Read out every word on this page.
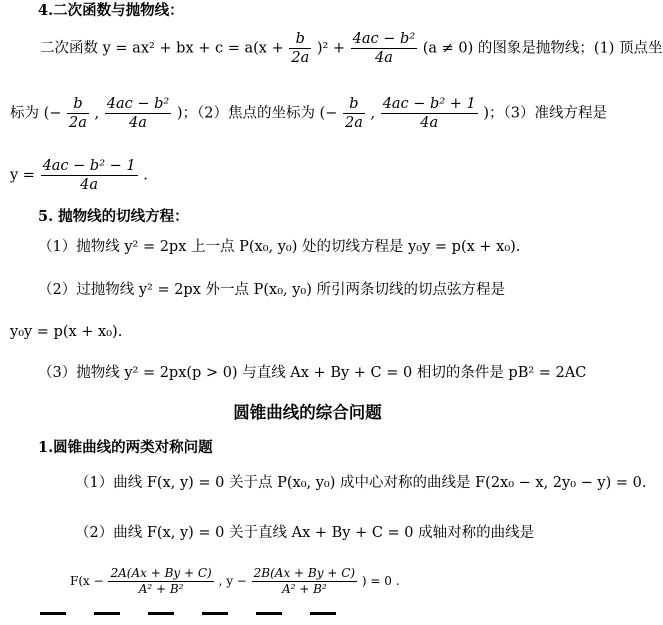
4.二次函数与抛物线：
二次函数 y = ax² + bx + $c = a(x + \frac{b}{2a} )^2 + \frac{\text{4ac − b²}}{4a} (a \ne 0)$ 的图象是抛物线；(1) 顶点坐
标为 (− $\frac{b}{2a}$ , $\frac{\text{4ac − b²}}{4a}$ )；（2）焦点的坐标为 (− $\frac{b}{2a}$ , $\frac{\text{4ac − b² + 1}}{4a}$ )；（3）准线方程是
$y = \frac{\text{4ac − b² − 1}}{4a}$ .
5. 抛物线的切线方程：
（1）抛物线 y² = 2px 上一点 P(x₀, y₀) 处的切线方程是 y₀y = p(x + x₀).
（2）过抛物线 y² = 2px 外一点 P(x₀, y₀) 所引两条切线的切点弦方程是
y₀y = p(x + x₀).
（3）抛物线 y² = 2px(p > 0) 与直线 Ax + By + C = 0 相切的条件是 pB² = 2AC
圆锥曲线的综合问题
1.圆锥曲线的两类对称问题
（1）曲线 F(x, y) = 0 关于点 P(x₀, y₀) 成中心对称的曲线是 F(2x₀ − x, 2y₀ − y) = 0.
（2）曲线 F(x, y) = 0 关于直线 Ax + By + C = 0 成轴对称的曲线是
$F(x - \frac{2A(Ax + By + C)}{\text{A² + B²}}$ , $y - \frac{2B(Ax + By + C)}{\text{A² + B²}}$ ) = 0 .
